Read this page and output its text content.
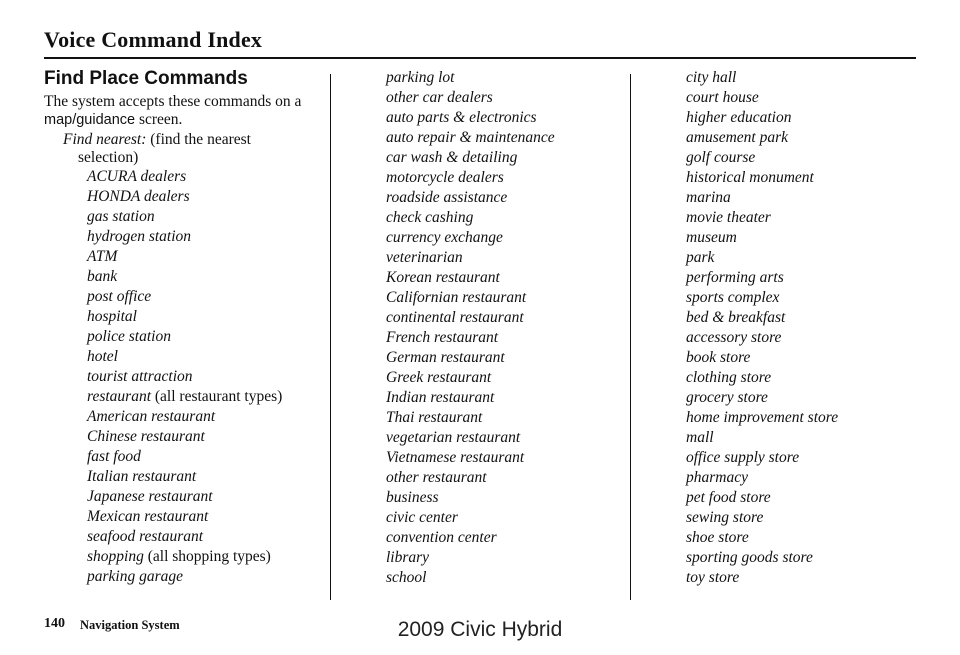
Voice Command Index
Find Place Commands
The system accepts these commands on a map/guidance screen.
Find nearest: (find the nearest
selection)
ACURA dealers
HONDA dealers
gas station
hydrogen station
ATM
bank
post office
hospital
police station
hotel
tourist attraction
restaurant (all restaurant types)
American restaurant
Chinese restaurant
fast food
Italian restaurant
Japanese restaurant
Mexican restaurant
seafood restaurant
shopping (all shopping types)
parking garage
parking lot
other car dealers
auto parts & electronics
auto repair & maintenance
car wash & detailing
motorcycle dealers
roadside assistance
check cashing
currency exchange
veterinarian
Korean restaurant
Californian restaurant
continental restaurant
French restaurant
German restaurant
Greek restaurant
Indian restaurant
Thai restaurant
vegetarian restaurant
Vietnamese restaurant
other restaurant
business
civic center
convention center
library
school
city hall
court house
higher education
amusement park
golf course
historical monument
marina
movie theater
museum
park
performing arts
sports complex
bed & breakfast
accessory store
book store
clothing store
grocery store
home improvement store
mall
office supply store
pharmacy
pet food store
sewing store
shoe store
sporting goods store
toy store
140 Navigation System	2009 Civic Hybrid
